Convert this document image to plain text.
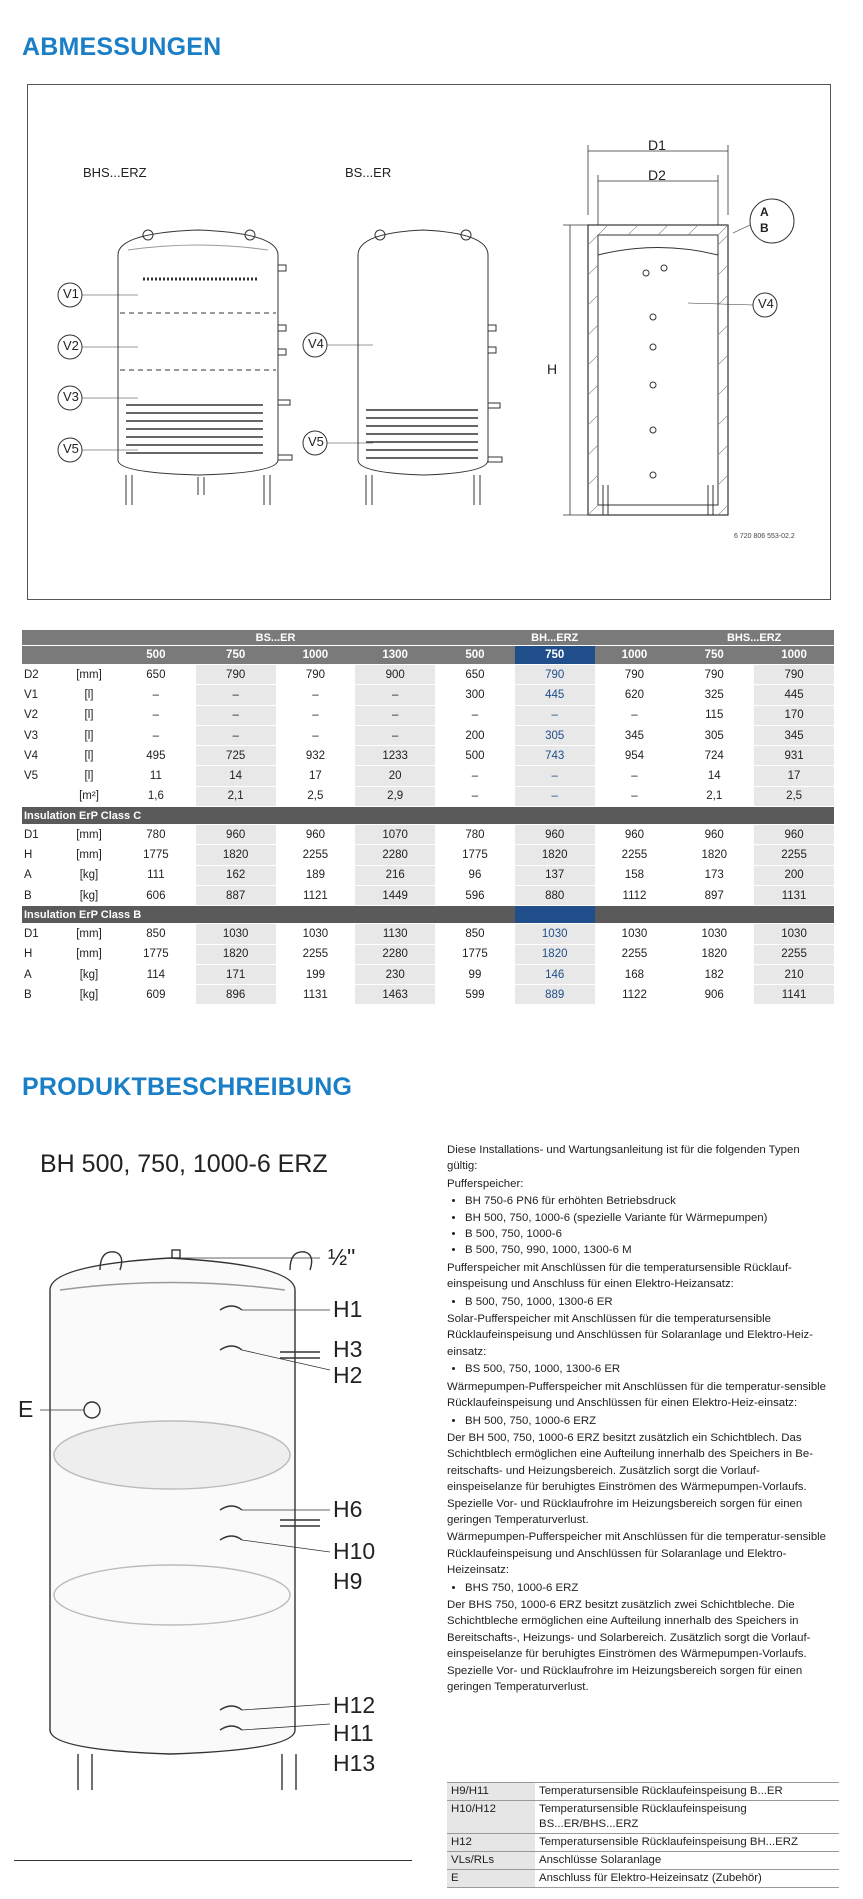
ABMESSUNGEN
BHS...ERZ	BS...ER
V1
V2
V3
V5
V4
V5
V4
D1
D2
H
A
B
6 720 806 553-02.2
		BS...ER				BH...ERZ			BHS...ERZ	
		500	750	1000	1300	500	750	1000	750	1000
D2	[mm]	650	790	790	900	650	790	790	790	790
V1	[l]	–	–	–	–	300	445	620	325	445
V2	[l]	–	–	–	–	–	–	–	115	170
V3	[l]	–	–	–	–	200	305	345	305	345
V4	[l]	495	725	932	1233	500	743	954	724	931
V5	[l]	11	14	17	20	–	–	–	14	17
	[m²]	1,6	2,1	2,5	2,9	–	–	–	2,1	2,5
Insulation ErP Class C										
D1	[mm]	780	960	960	1070	780	960	960	960	960
H	[mm]	1775	1820	2255	2280	1775	1820	2255	1820	2255
A	[kg]	111	162	189	216	96	137	158	173	200
B	[kg]	606	887	1121	1449	596	880	1112	897	1131
Insulation ErP Class B										
D1	[mm]	850	1030	1030	1130	850	1030	1030	1030	1030
H	[mm]	1775	1820	2255	2280	1775	1820	2255	1820	2255
A	[kg]	114	171	199	230	99	146	168	182	210
B	[kg]	609	896	1131	1463	599	889	1122	906	1141
PRODUKTBESCHREIBUNG
BH 500, 750, 1000-6 ERZ
½"
H1
H3
H2
E
H6
H10
H9
H12
H11
H13

Diese Installations- und Wartungsanleitung ist für die folgenden Typen gültig:

Pufferspeicher:

• BH 750-6 PN6 für erhöhten Betriebsdruck
• BH 500, 750, 1000-6 (spezielle Variante für Wärmepumpen)
• B 500, 750, 1000-6
• B 500, 750, 990, 1000, 1300-6 M

Pufferspeicher mit Anschlüssen für die temperatursensible Rücklauf-einspeisung und Anschluss für einen Elektro-Heizansatz:

• B 500, 750, 1000, 1300-6 ER

Solar-Pufferspeicher mit Anschlüssen für die temperatursensible Rücklaufeinspeisung und Anschlüssen für Solaranlage und Elektro-Heiz-einsatz:

• BS 500, 750, 1000, 1300-6 ER

Wärmepumpen-Pufferspeicher mit Anschlüssen für die temperatur-sensible Rücklaufeinspeisung und Anschlüssen für einen Elektro-Heiz-einsatz:

• BH 500, 750, 1000-6 ERZ

Der BH 500, 750, 1000-6 ERZ besitzt zusätzlich ein Schichtblech. Das Schichtblech ermöglichen eine Aufteilung innerhalb des Speichers in Be-reitschafts- und Heizungsbereich. Zusätzlich sorgt die Vorlauf-einspeiselanze für beruhigtes Einströmen des Wärmepumpen-Vorlaufs. Spezielle Vor- und Rücklaufrohre im Heizungsbereich sorgen für einen geringen Temperaturverlust.

Wärmepumpen-Pufferspeicher mit Anschlüssen für die temperatur-sensible Rücklaufeinspeisung und Anschlüssen für Solaranlage und Elektro-Heizeinsatz:

• BHS 750, 1000-6 ERZ

Der BHS 750, 1000-6 ERZ besitzt zusätzlich zwei Schichtbleche. Die Schichtbleche ermöglichen eine Aufteilung innerhalb des Speichers in Bereitschafts-, Heizungs- und Solarbereich. Zusätzlich sorgt die Vorlauf-einspeiselanze für beruhigtes Einströmen des Wärmepumpen-Vorlaufs. Spezielle Vor- und Rücklaufrohre im Heizungsbereich sorgen für einen geringen Temperaturverlust.

H9/H11	Temperatursensible Rücklaufeinspeisung B...ER
H10/H12	Temperatursensible Rücklaufeinspeisung BS...ER/BHS...ERZ
H12	Temperatursensible Rücklaufeinspeisung BH...ERZ
VLs/RLs	Anschlüsse Solaranlage
E	Anschluss für Elektro-Heizeinsatz (Zubehör)
